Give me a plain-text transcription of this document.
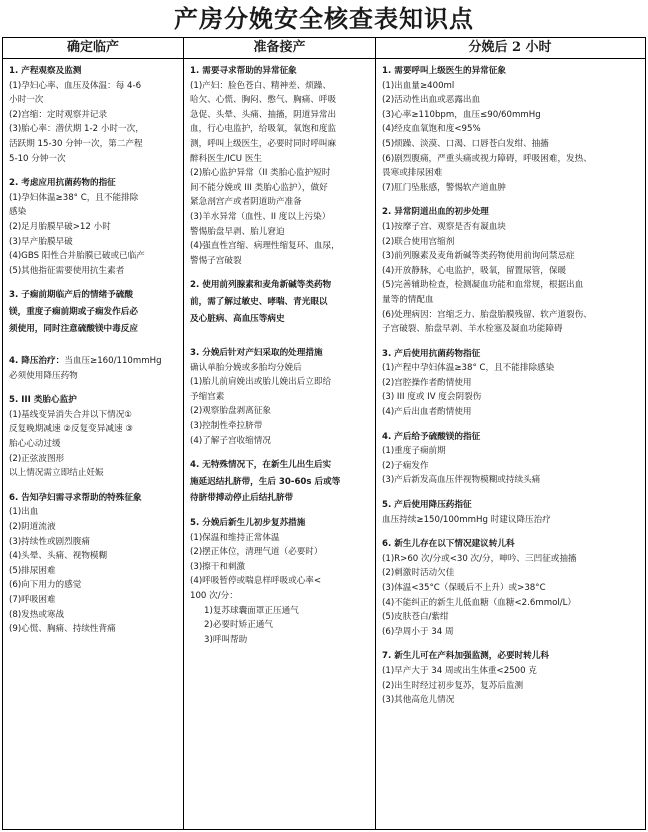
产房分娩安全核查表知识点
确定临产	准备接产	分娩后 2 小时
1. 产程观察及监测
(1)孕妇心率、血压及体温：每 4-6
小时一次
(2)宫缩：定时观察并记录
(3)胎心率：潜伏期 1-2 小时一次，
活跃期 15-30 分钟一次，第二产程
5-10 分钟一次
2. 考虑应用抗菌药物的指征
(1)孕妇体温≥38° C，且不能排除
感染
(2)足月胎膜早破>12 小时
(3)早产胎膜早破
(4)GBS 阳性合并胎膜已破或已临产
(5)其他指征需要使用抗生素者
3. 子痫前期临产后的情绪予硫酸
镁，重度子痫前期或子痫发作后必
须使用，同时注意硫酸镁中毒反应
4. 降压治疗：当血压≥160/110mmHg
必须使用降压药物
5. III 类胎心监护
(1)基线变异消失合并以下情况①
反复晚期减速 ②反复变异减速 ③
胎心心动过缓
(2)正弦波图形
以上情况需立即结止妊娠
6. 告知孕妇需寻求帮助的特殊征象
(1)出血
(2)阴道流液
(3)持续性或剧烈腹痛
(4)头晕、头痛、视物模糊
(5)排尿困难
(6)向下用力的感觉
(7)呼吸困难
(8)发热或寒战
(9)心慌、胸痛、持续性背痛
1. 需要寻求帮助的异常征象
(1)产妇：脸色苍白、精神差、烦躁、
哈欠、心慌、胸闷、憋气、胸痛、呼吸
急促、头晕、头痛、抽搐，阴道异常出
血，行心电监护，给吸氧，氧饱和度监
测，呼叫上级医生，必要时同时呼叫麻
醉科医生/ICU 医生
(2)胎心监护异常（II 类胎心监护短时
间不能分娩或 III 类胎心监护），做好
紧急剖宫产或者阴道助产准备
(3)羊水异常（血性、II 度以上污染）
警惕胎盘早剥、胎儿窘迫
(4)强直性宫缩、病理性缩复环、血尿，
警惕子宫破裂
2. 使用前列腺素和麦角新碱等类药物
前，需了解过敏史、哮喘、青光眼以
及心脏病、高血压等病史
3. 分娩后针对产妇采取的处理措施
确认单胎分娩或多胎均分娩后
(1)胎儿前肩娩出或胎儿娩出后立即给
予缩宫素
(2)观察胎盘剥离征象
(3)控制性牵拉脐带
(4)了解子宫收缩情况
4. 无特殊情况下，在新生儿出生后实
施延迟结扎脐带，生后 30-60s 后或等
待脐带搏动停止后结扎脐带
5. 分娩后新生儿初步复苏措施
(1)保温和维持正常体温
(2)摆正体位，清理气道（必要时）
(3)擦干和刺激
(4)呼吸暂停或喘息样呼吸或心率<
100 次/分：
1)复苏球囊面罩正压通气
2)必要时矫正通气
3)呼叫帮助
1. 需要呼叫上级医生的异常征象
(1)出血量≥400ml
(2)活动性出血或恶露出血
(3)心率≥110bpm，血压≤90/60mmHg
(4)经皮血氧饱和度<95%
(5)烦躁、淡漠、口渴、口唇苍白发绀、抽搐
(6)剧烈腹痛，严重头痛或视力障碍，呼吸困难，发热、
畏寒或排尿困难
(7)肛门坠胀感，警惕软产道血肿
2. 异常阴道出血的初步处理
(1)按摩子宫、观察是否有凝血块
(2)联合使用宫缩剂
(3)前列腺素及麦角新碱等类药物使用前询问禁忌症
(4)开放静脉，心电监护，吸氧，留置尿管，保暖
(5)完善辅助检查，检测凝血功能和血常规，根据出血
量等的情配血
(6)处理病因：宫缩乏力、胎盘胎膜残留、软产道裂伤、
子宫破裂、胎盘早剥、羊水栓塞及凝血功能障碍
3. 产后使用抗菌药物指征
(1)产程中孕妇体温≥38° C，且不能排除感染
(2)宫腔操作者酌情使用
(3) III 度或 IV 度会阴裂伤
(4)产后出血者酌情使用
4. 产后给予硫酸镁的指征
(1)重度子痫前期
(2)子痫发作
(3)产后新发高血压伴视物模糊或持续头痛
5. 产后使用降压药指征
血压持续≥150/100mmHg 时建议降压治疗
6. 新生儿存在以下情况建议转儿科
(1)R>60 次/分或<30 次/分，呻吟、三凹征或抽搐
(2)刺激时活动欠佳
(3)体温<35°C（保暖后不上升）或>38°C
(4)不能纠正的新生儿低血糖（血糖<2.6mmol/L）
(5)皮肤苍白/紫绀
(6)孕周小于 34 周
7. 新生儿可在产科加强监测，必要时转儿科
(1)早产大于 34 周或出生体重<2500 克
(2)出生时经过初步复苏，复苏后监测
(3)其他高危儿情况
